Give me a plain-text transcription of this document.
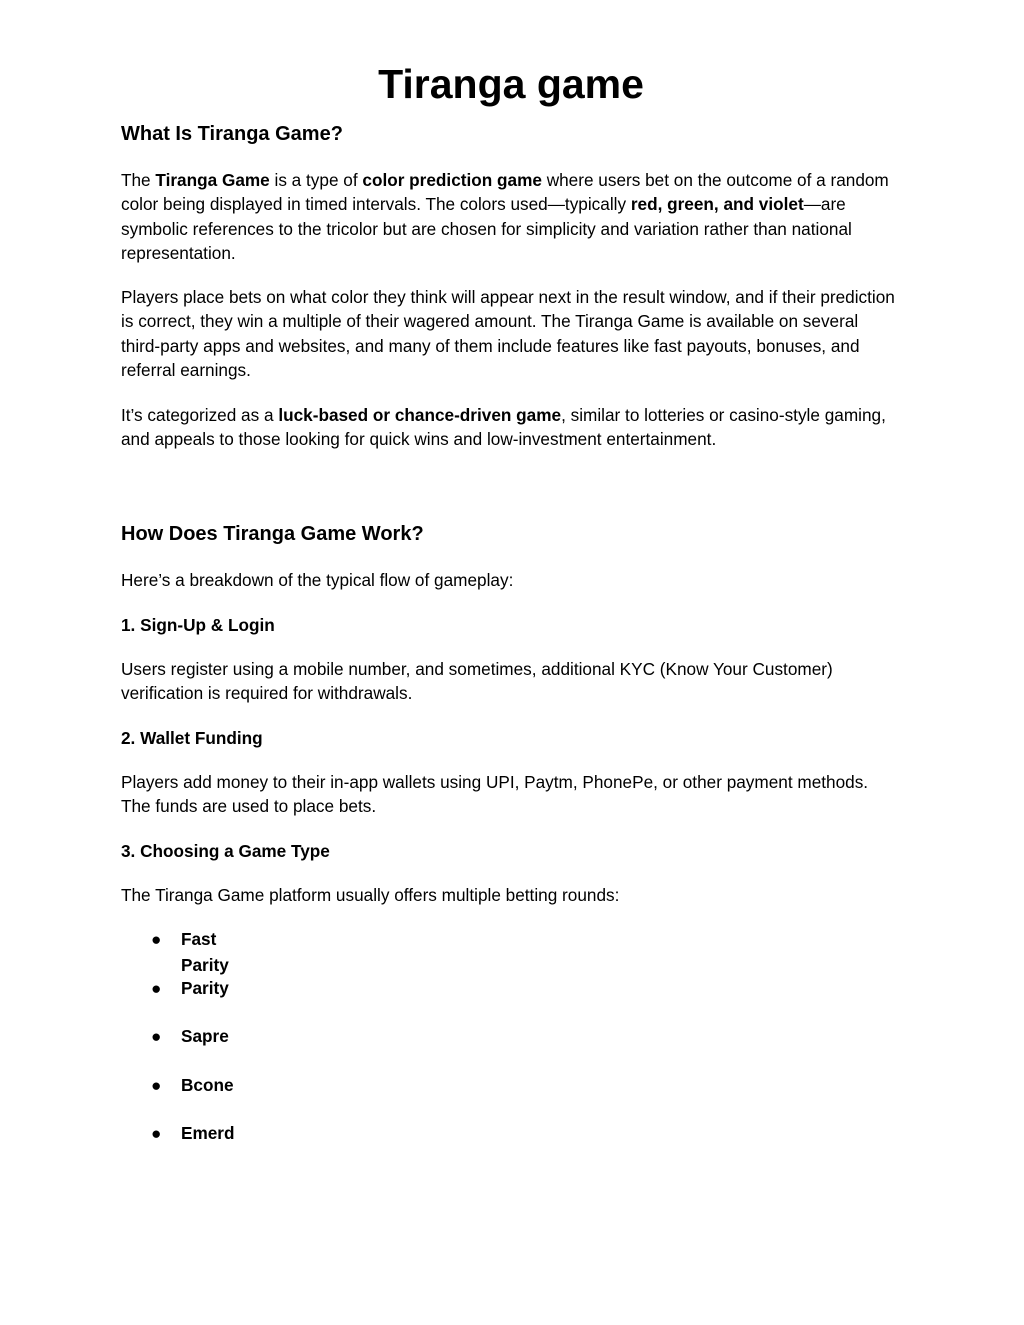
Tiranga game
What Is Tiranga Game?

The Tiranga Game is a type of color prediction game where users bet on the outcome of a random color being displayed in timed intervals. The colors used—typically red, green, and violet—are symbolic references to the tricolor but are chosen for simplicity and variation rather than national representation.

Players place bets on what color they think will appear next in the result window, and if their prediction is correct, they win a multiple of their wagered amount. The Tiranga Game is available on several third-party apps and websites, and many of them include features like fast payouts, bonuses, and referral earnings.

It’s categorized as a luck-based or chance-driven game, similar to lotteries or casino-style gaming, and appeals to those looking for quick wins and low-investment entertainment.

How Does Tiranga Game Work?

Here’s a breakdown of the typical flow of gameplay:

1. Sign-Up & Login

Users register using a mobile number, and sometimes, additional KYC (Know Your Customer) verification is required for withdrawals.

2. Wallet Funding

Players add money to their in-app wallets using UPI, Paytm, PhonePe, or other payment methods. The funds are used to place bets.

3. Choosing a Game Type

The Tiranga Game platform usually offers multiple betting rounds:

● Fast Parity
● Parity
● Sapre
● Bcone
● Emerd
